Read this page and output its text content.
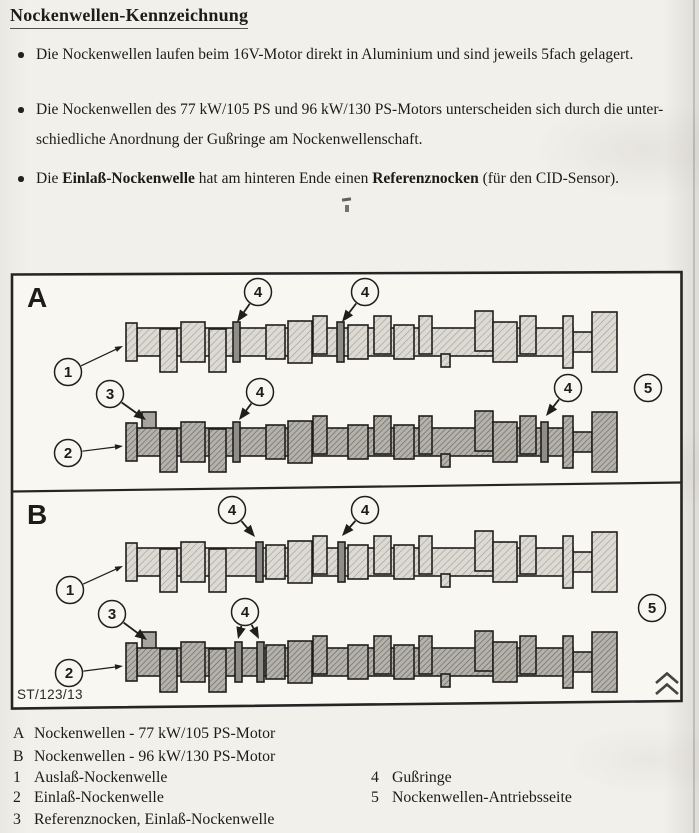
Nockenwellen-Kennzeichnung
Die Nockenwellen laufen beim 16V-Motor direkt in Aluminium und sind jeweils 5fach gelagert.
Die Nockenwellen des 77 kW/105 PS und 96 kW/130 PS-Motors unterscheiden sich durch die unter-
schiedliche Anordnung der Gußringe am Nockenwellenschaft.
Die Einlaß-Nockenwelle hat am hinteren Ende einen Referenznocken (für den CID-Sensor).
1
2
3
4	4
4	4	5
1
2
3
4	4
4	5
A
B
ST/123/13
A Nockenwellen - 77 kW/105 PS-Motor
B Nockenwellen - 96 kW/130 PS-Motor
1 Auslaß-Nockenwelle
2 Einlaß-Nockenwelle
3 Referenznocken, Einlaß-Nockenwelle
4 Gußringe
5 Nockenwellen-Antriebsseite
